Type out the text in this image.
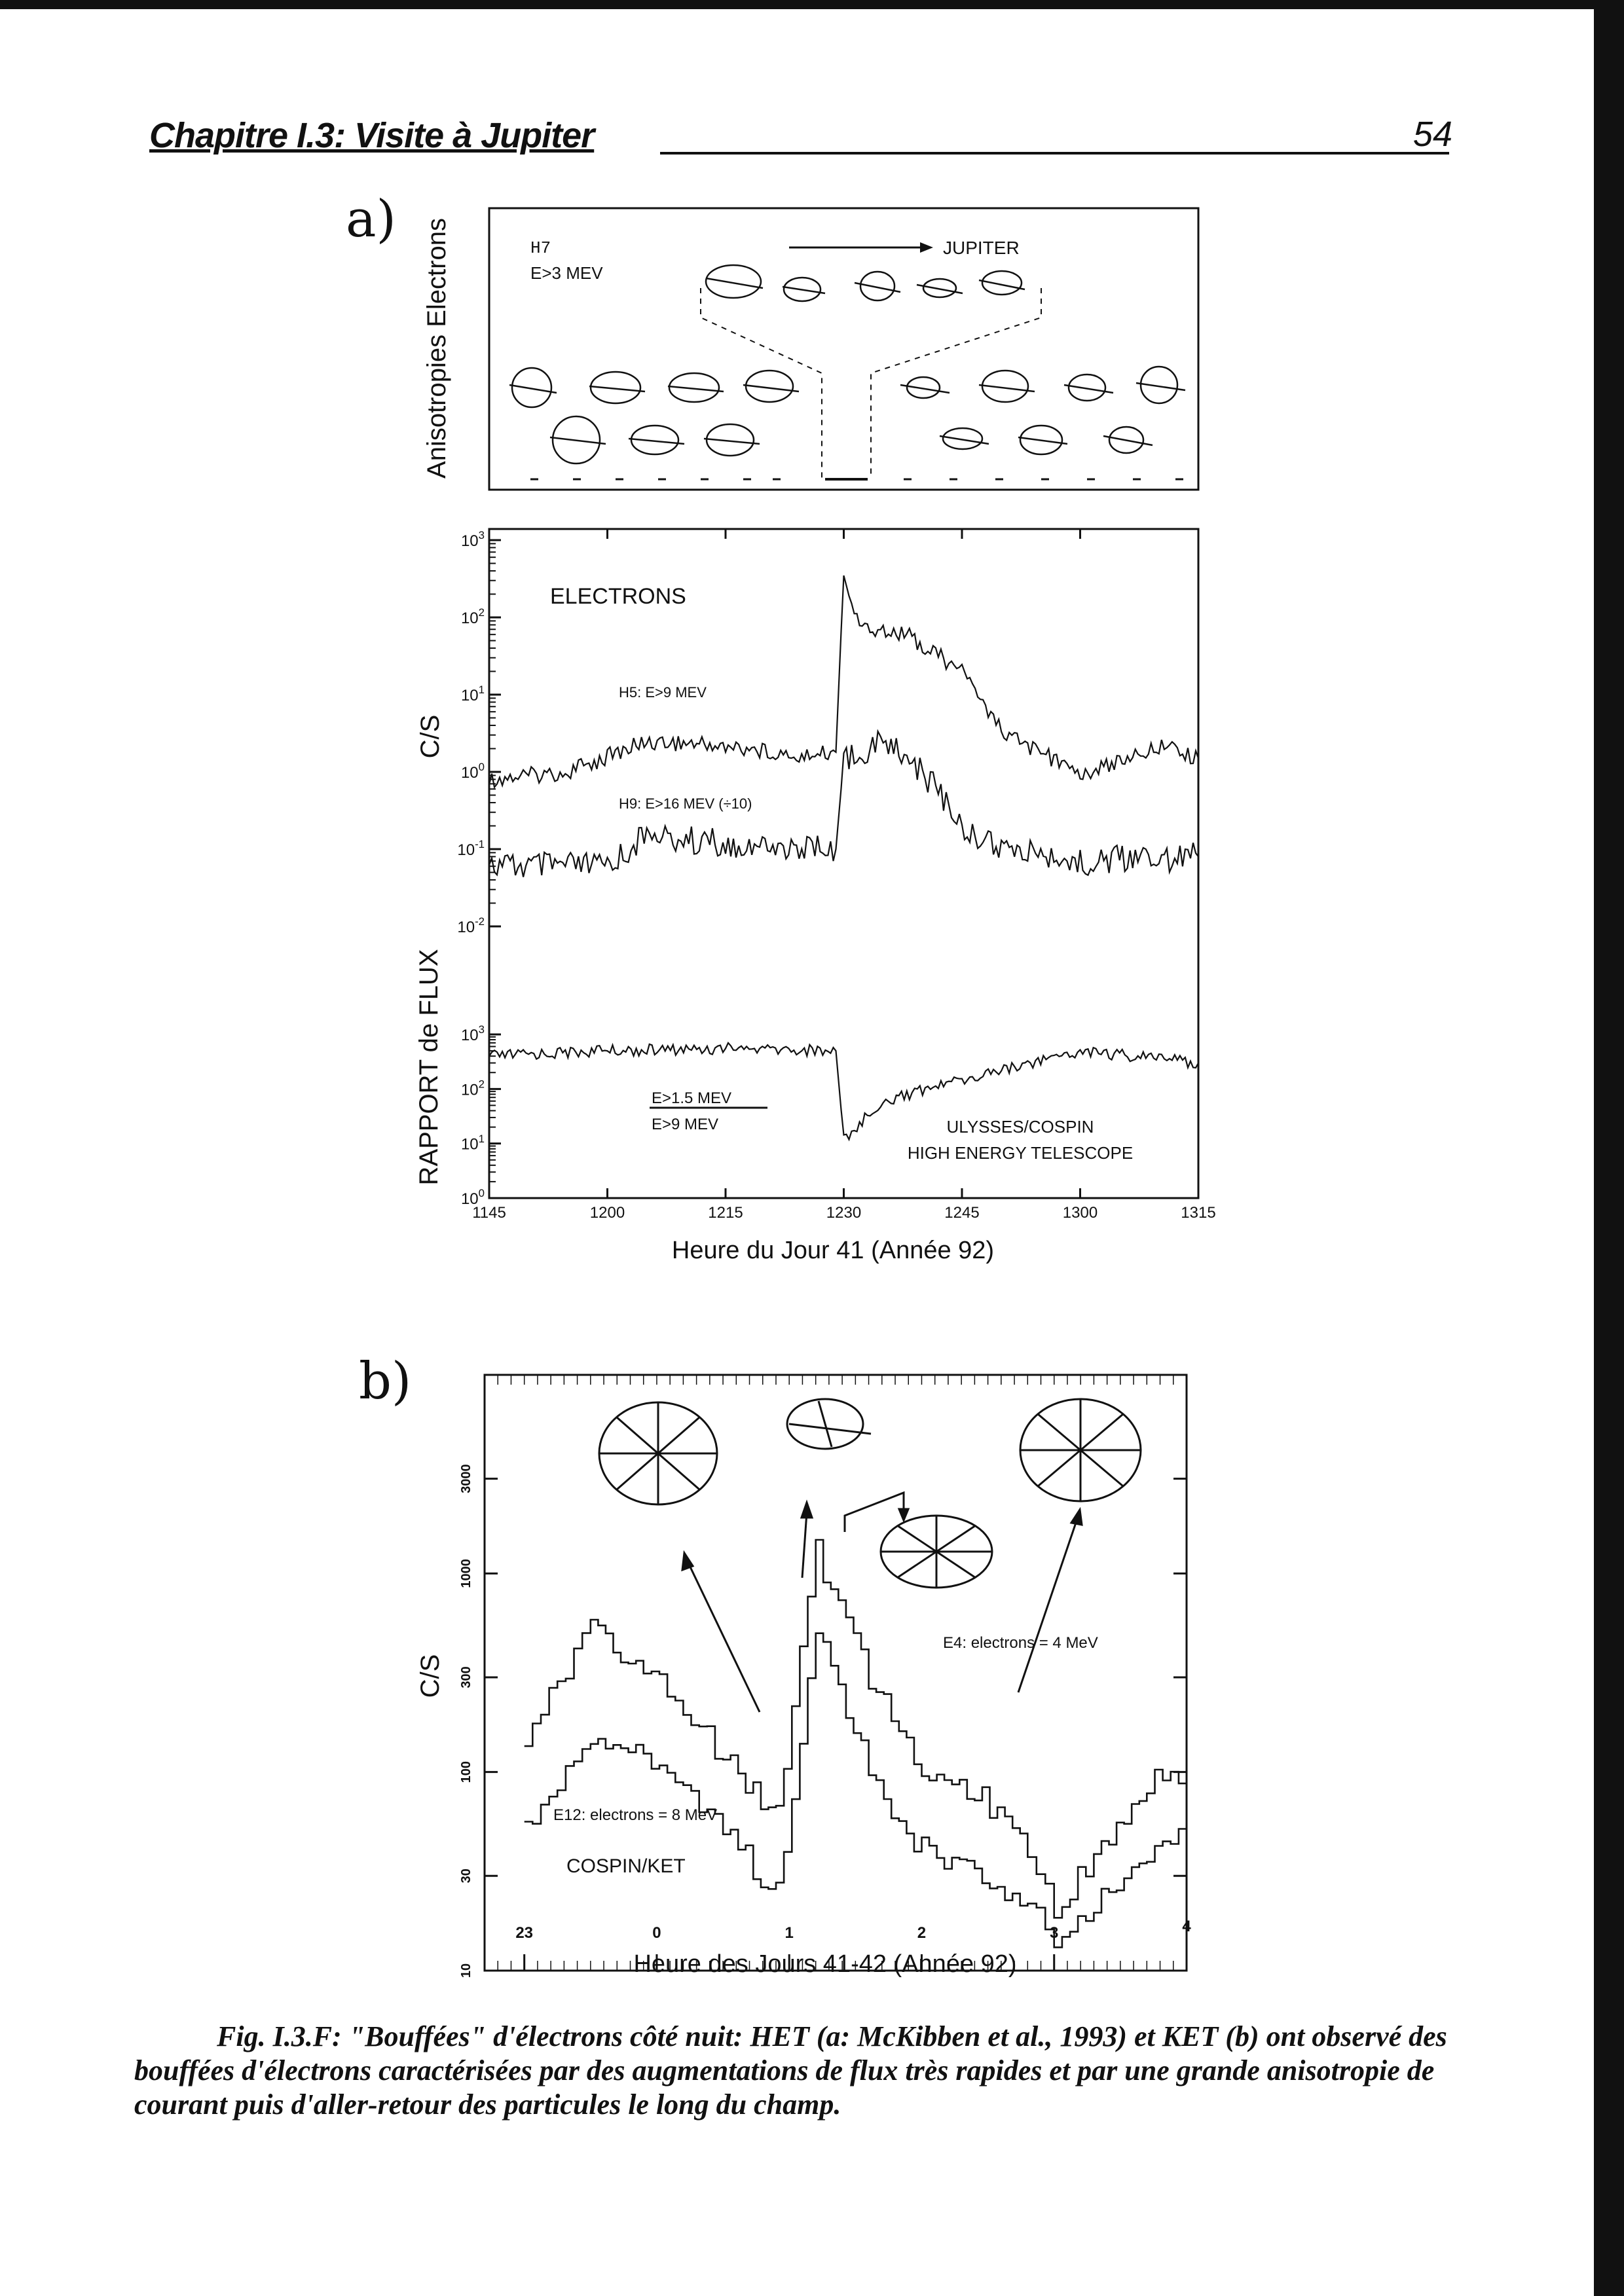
Chapitre I.3: Visite à Jupiter	54
a) Anisotropies Electrons	H7
E>3 MEV
JUPITER
C/S
RAPPORT de FLUX
ELECTRONS
H5: E>9 MEV
H9: E>16 MEV (÷10)
E>1.5 MEV
E>9 MEV	ULYSSES/COSPIN
HIGH ENERGY TELESCOPE
Heure du Jour 41 (Année 92)
1145	1200	1215	1230	1245	1300	1315
$10^3$
$10^2$
$10^1$
$10^0$
$10^{-1}$
$10^{-2}$
$10^3$
$10^2$
$10^1$
$10^0$
b)
C/S
E4: electrons = 4 MeV
E12: electrons = 8 MeV
COSPIN/KET
Heure des Jours 41-42 (Année 92)
23	0	1	2	3	4
10
30
100
300
1000
3000
Fig. I.3.F: "Bouffées" d'électrons côté nuit: HET (a: McKibben et al., 1993) et KET (b) ont observé des bouffées d'électrons caractérisées par des augmentations de flux très rapides et par une grande anisotropie de courant puis d'aller-retour des particules le long du champ.
